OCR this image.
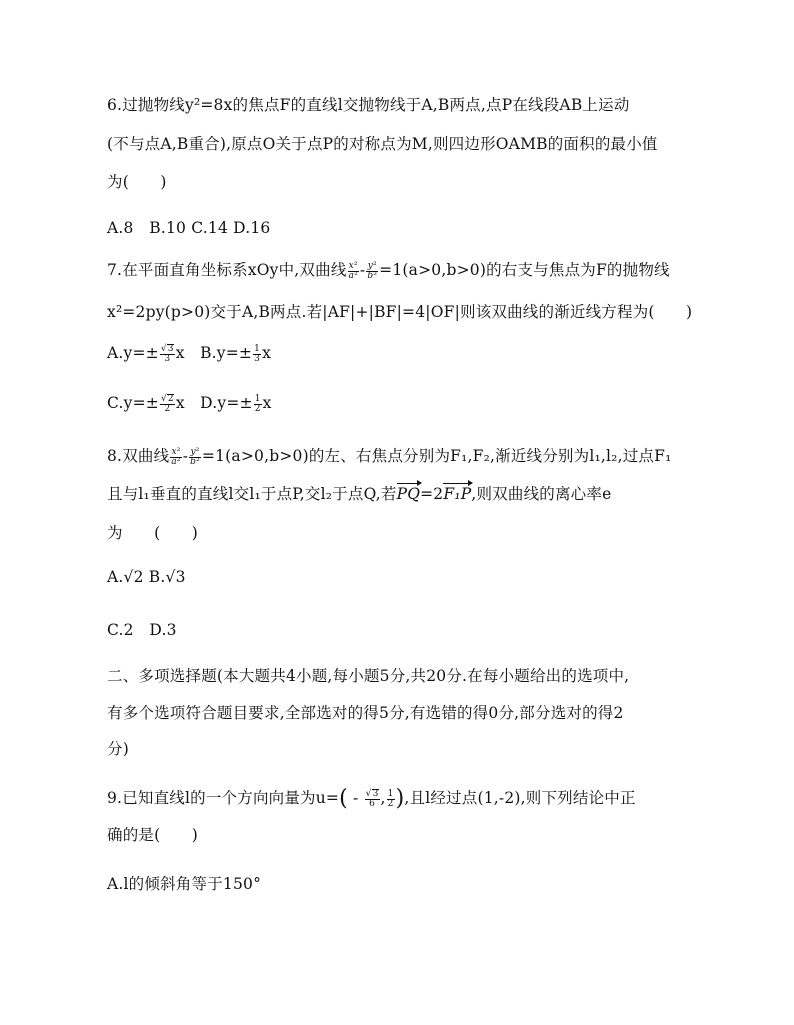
6.过抛物线y²=8x的焦点F的直线l交抛物线于A,B两点,点P在线段AB上运动
(不与点A,B重合),原点O关于点P的对称点为M,则四边形OAMB的面积的最小值
为(　　)
A.8　B.10 C.14 D.16
7.在平面直角坐标系xOy中,双曲线 $\frac{\text{x²}}{\text{a²}} - \frac{\text{y²}}{\text{b²}} =1(a>0,b>0)$的右支与焦点为F的抛物线
x²=2py(p>0)交于A,B两点.若|AF|+|BF|=4|OF|则该双曲线的渐近线方程为(　　)
$A.y=\pm \frac{√3}{3}$ x   $B.y=\pm \frac{1}{3}$ x
$C.y=\pm \frac{√2}{2}$ x   $D.y=\pm \frac{1}{2}$ x
8.双曲线 $\frac{\text{x²}}{\text{a²}} - \frac{\text{y²}}{\text{b²}} =1(a>0,b>0)$的左、右焦点分别为F₁,F₂,渐近线分别为l₁,l₂,过点F₁
且与l₁垂直的直线l交l₁于点P,交l₂于点Q,若PQ=2F₁P,则双曲线的离心率e
为　　(　　)
A.√2 B.√3
C.2　D.3
二、多项选择题(本大题共4小题,每小题5分,共20分.在每小题给出的选项中,
有多个选项符合题目要求,全部选对的得5分,有选错的得0分,部分选对的得2
分)
9.已知直线l的一个方向向量为$u=( - \frac{√3}{6}$ , $\frac{1}{2}$ ),且l经过点(1,-2),则下列结论中正
确的是(　　)
A.l的倾斜角等于150°
